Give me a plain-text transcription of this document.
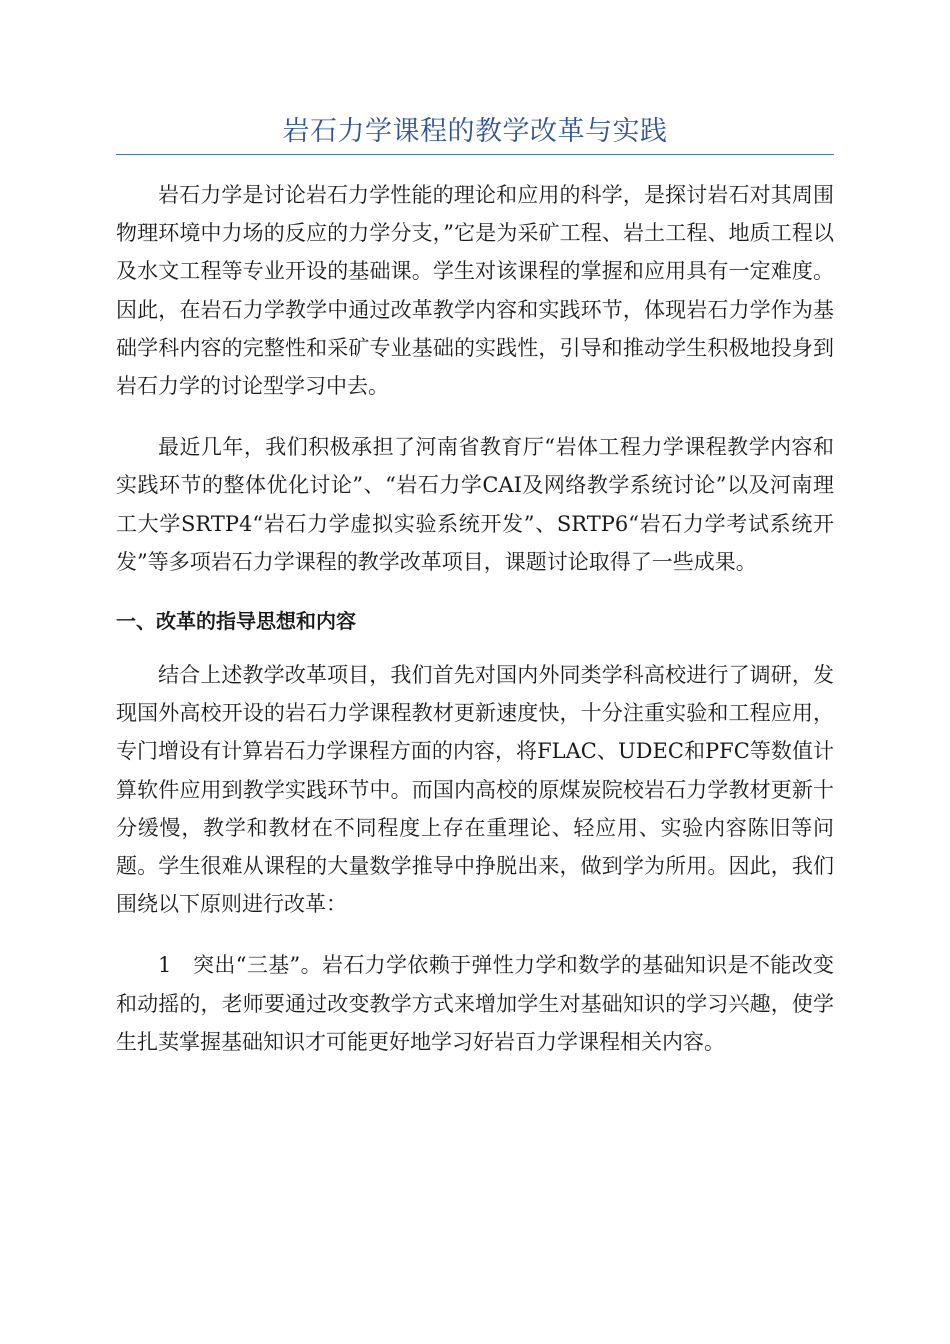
岩石力学课程的教学改革与实践

岩石力学是讨论岩石力学性能的理论和应用的科学，是探讨岩石对其周围物理环境中力场的反应的力学分支，”它是为采矿工程、岩土工程、地质工程以及水文工程等专业开设的基础课。学生对该课程的掌握和应用具有一定难度。因此，在岩石力学教学中通过改革教学内容和实践环节，体现岩石力学作为基础学科内容的完整性和采矿专业基础的实践性，引导和推动学生积极地投身到岩石力学的讨论型学习中去。

最近几年，我们积极承担了河南省教育厅“岩体工程力学课程教学内容和实践环节的整体优化讨论”、“岩石力学CAI及网络教学系统讨论”以及河南理工大学SRTP4“岩石力学虚拟实验系统开发”、SRTP6“岩石力学考试系统开发”等多项岩石力学课程的教学改革项目，课题讨论取得了一些成果。

一、改革的指导思想和内容

结合上述教学改革项目，我们首先对国内外同类学科高校进行了调研，发现国外高校开设的岩石力学课程教材更新速度快，十分注重实验和工程应用，专门增设有计算岩石力学课程方面的内容，将FLAC、UDEC和PFC等数值计算软件应用到教学实践环节中。而国内高校的原煤炭院校岩石力学教材更新十分缓慢，教学和教材在不同程度上存在重理论、轻应用、实验内容陈旧等问题。学生很难从课程的大量数学推导中挣脱出来，做到学为所用。因此，我们围绕以下原则进行改革：

1　突出“三基”。岩石力学依赖于弹性力学和数学的基础知识是不能改变和动摇的，老师要通过改变教学方式来增加学生对基础知识的学习兴趣，使学生扎荬掌握基础知识才可能更好地学习好岩百力学课程相关内容。
